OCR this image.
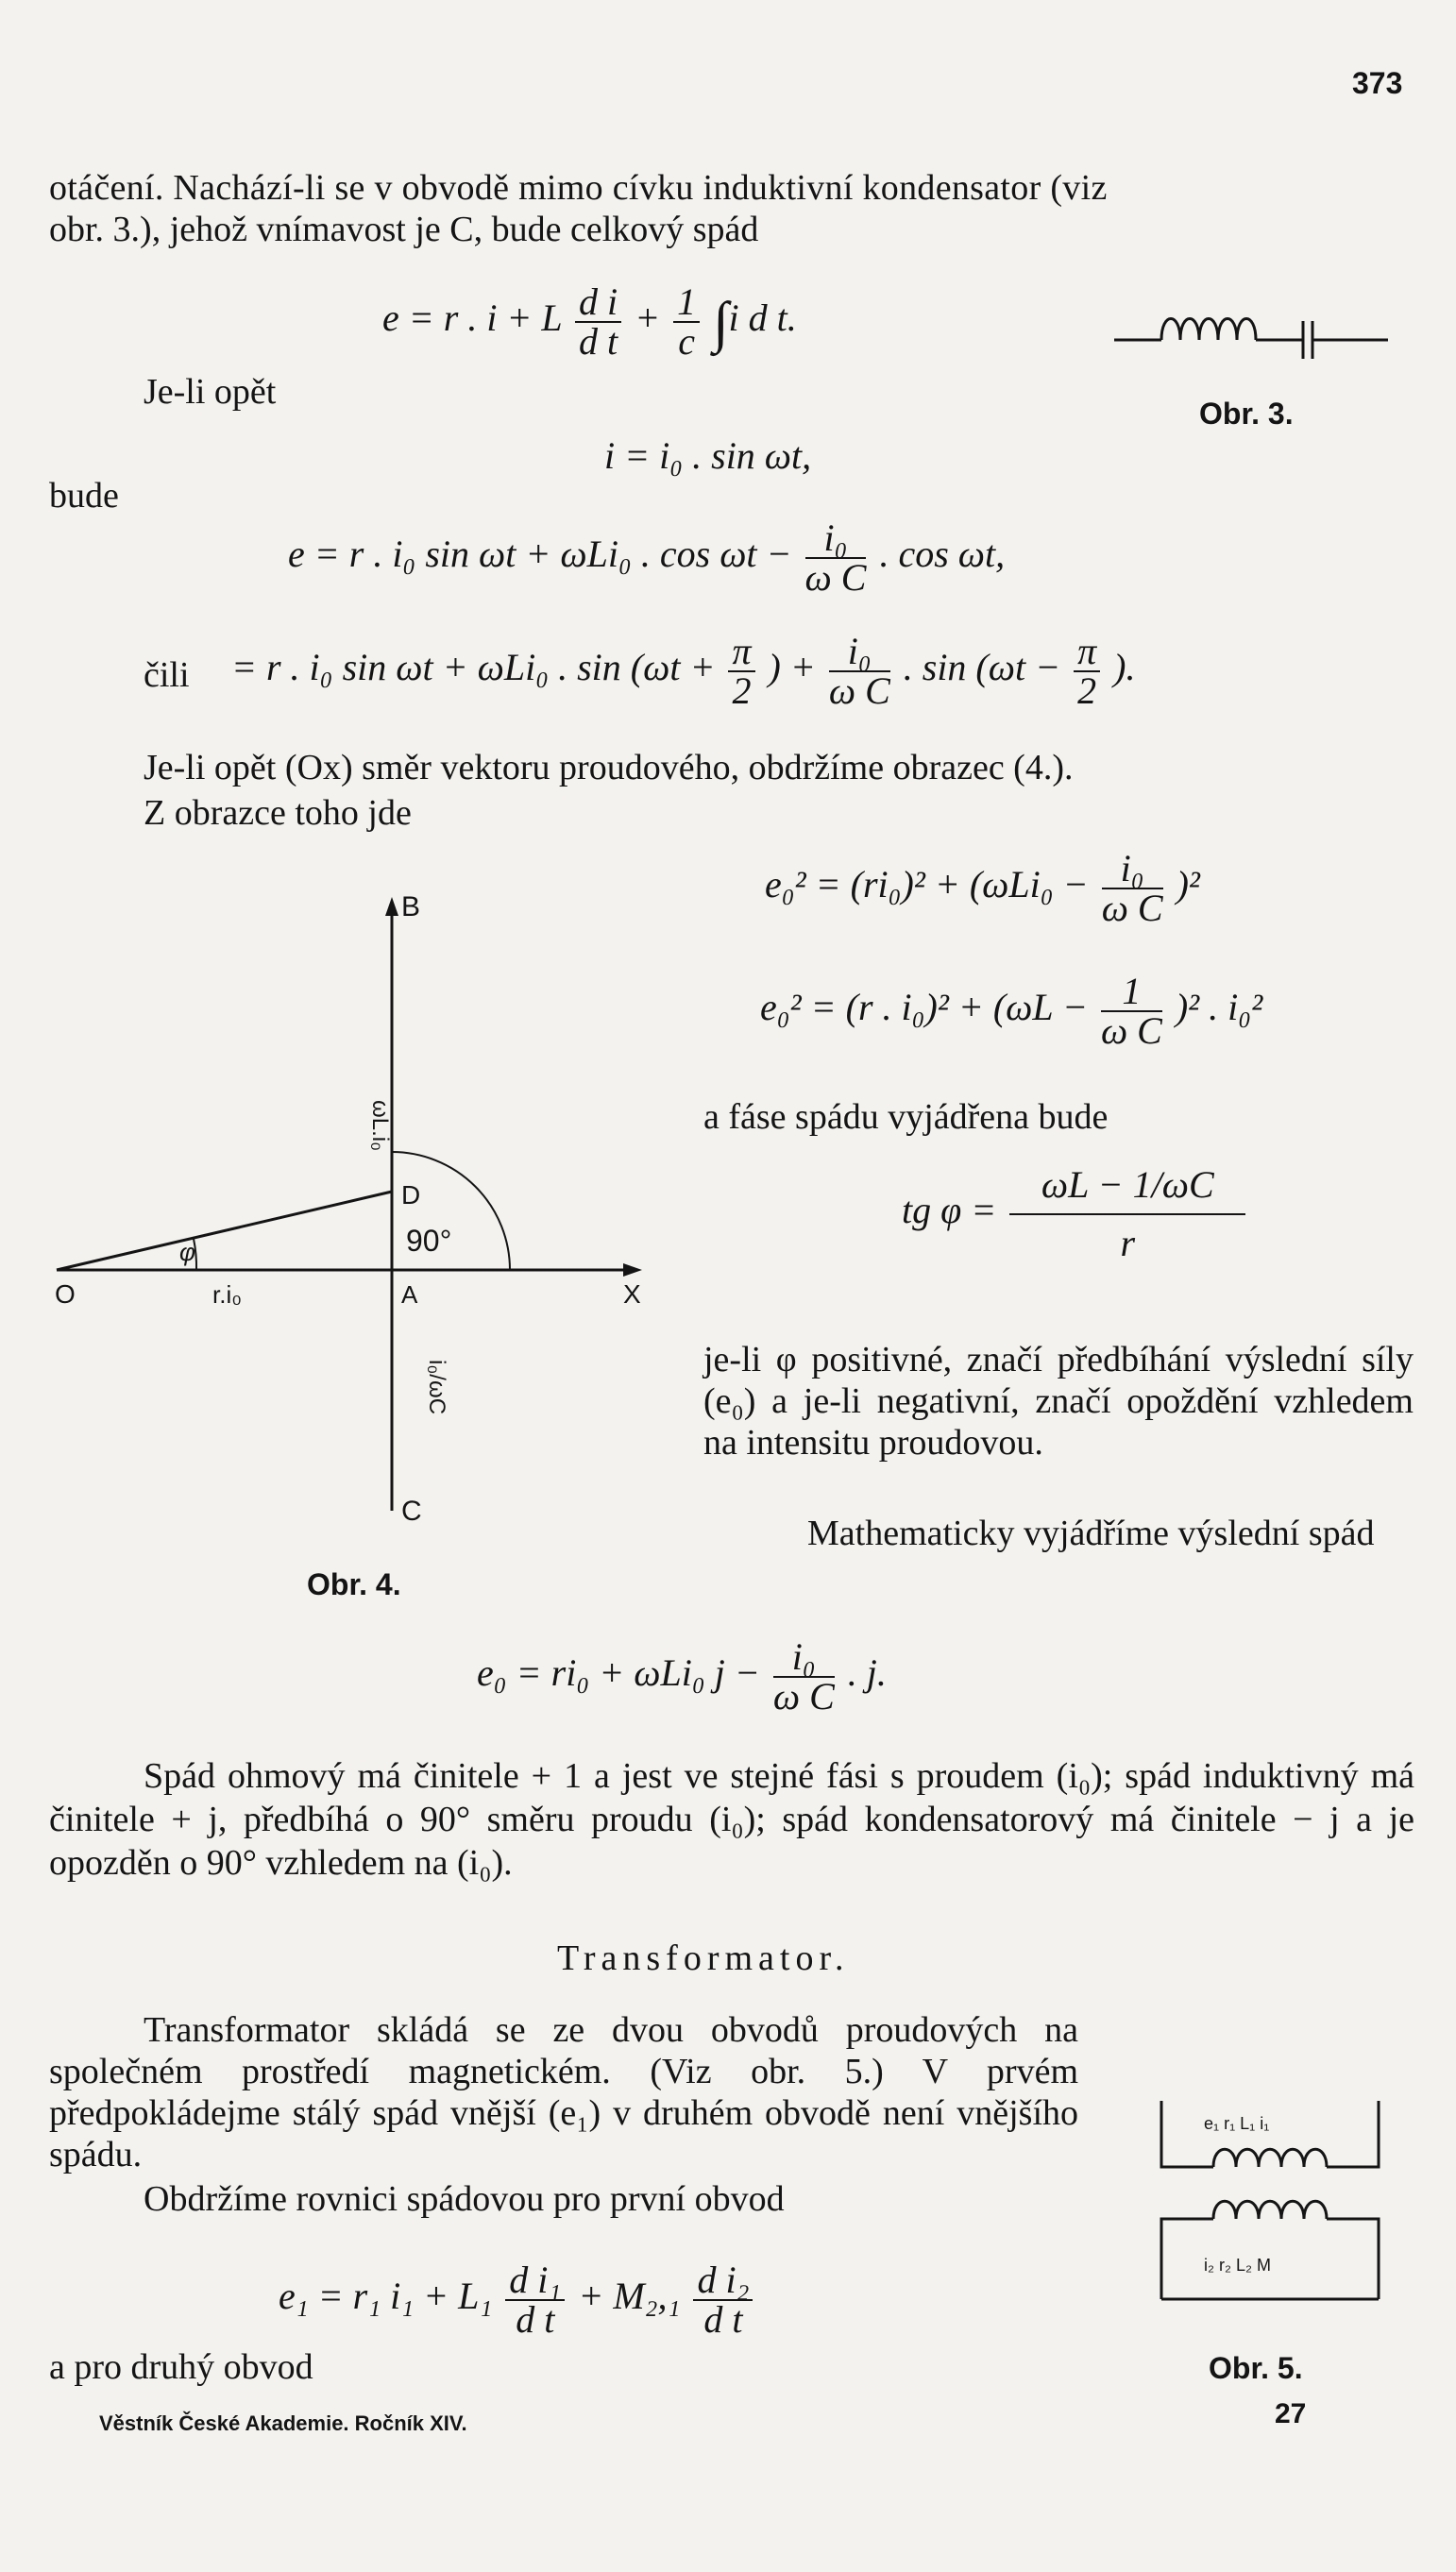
373
otáčení. Nachází-li se v obvodě mimo cívku induktivní kondensator (viz
obr. 3.), jehož vnímavost je C, bude celkový spád
e = r . i + L $\frac{\text{d i}}{\text{d t}} + \frac{1}{c} \int i$ d t.
Obr. 3.
Je-li opět
i = i₀ . sin ωt,
bude
e = r . i₀ sin ωt + ωLi₀ . $\cos \omega t - \frac{\text{i₀}}{\text{ω C}}$ . cos ωt,
čili = r . i₀ sin ωt + ωLi₀ . $\sin (\omega t + \frac{\pi}{2}$ ) + $\frac{\text{i₀}}{\text{ω C}}$ . $\sin (\omega t - \frac{\pi}{2}$ ).
Je-li opět (Ox) směr vektoru proudového, obdržíme obrazec (4.).
Z obrazce toho jde
$e_0^2 = (ri_0)^2 + (\omega Li_0 - \frac{\text{i₀}}{\text{ω C}} )^2$
e₀² = (r . $i_0)^2 + (\omega L - \frac{1}{\text{ω C}} )^2$ . i₀²
a fáse spádu vyjádřena bude
tg $\varphi = \frac{\omega L - 1/\omega C}{r}$
B
D
A	X
C
O
90°
φ
r.i₀
ωL.i₀
i₀/ωC
Obr. 4.
je-li φ positivné, značí předbíhání výslední síly (e₀) a je-li negativní, značí opoždění vzhledem na intensitu proudovou.
Mathematicky vyjádříme výslední spád
e₀ = ri₀ + ωLi₀ $j - \frac{\text{i₀}}{\text{ω C}}$ . j.
Spád ohmový má činitele + 1 a jest ve stejné fási s proudem (i₀); spád induktivný má činitele + j, předbíhá o 90° směru proudu (i₀); spád kondensatorový má činitele − j a je opozděn o 90° vzhledem na (i₀).
Transformator.
Transformator skládá se ze dvou obvodů proudových na společném prostředí magnetickém. (Viz obr. 5.) V prvém předpokládejme stálý spád vnější (e₁) v druhém obvodě není vnějšího spádu.
Obdržíme rovnici spádovou pro první obvod
e₁ r₁ L₁ i₁
i₂ r₂ L₂ M
e₁ = r₁ $i_1 + L_1 \frac{\text{d i₁}}{\text{d t}} + M_2,_1 \frac{\text{d i₂}}{\text{d t}}$
a pro druhý obvod	Obr. 5.
Věstník České Akademie. Ročník XIV.	27
